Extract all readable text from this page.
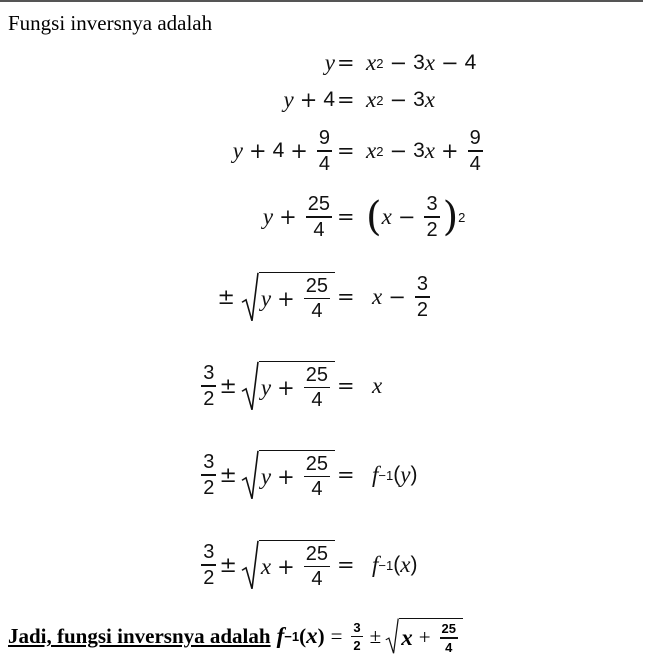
Fungsi inversnya adalah
y = x 2 − 3 x − 4
y + 4 = x 2 − 3 x
$y + 4 + \frac{9}{4} = x$ 2 − 3 $x + \frac{9}{4}$
$y + \frac{25}{4}$ = ( $x - \frac{3}{2}$ ) 2
± $y + \frac{25}{4} = x - \frac{3}{2}$
$\frac{3}{2} \pm y + \frac{25}{4} = x$
$\frac{3}{2} \pm y + \frac{25}{4} = f -1$ ( y )
$\frac{3}{2} \pm x + \frac{25}{4} = f -1$ ( x )
Jadi, fungsi inversnya adalah f −1 ( x ) = $\frac{3}{2} \pm x + \frac{25}{4}$
